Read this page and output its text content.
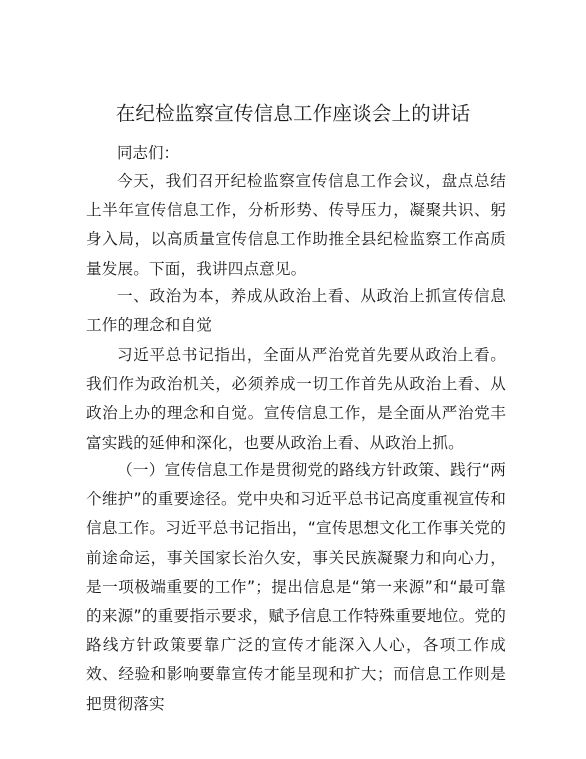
在纪检监察宣传信息工作座谈会上的讲话
同志们：

今天，我们召开纪检监察宣传信息工作会议，盘点总结上半年宣传信息工作，分析形势、传导压力，凝聚共识、躬身入局，以高质量宣传信息工作助推全县纪检监察工作高质量发展。下面，我讲四点意见。

一、政治为本，养成从政治上看、从政治上抓宣传信息工作的理念和自觉

习近平总书记指出，全面从严治党首先要从政治上看。我们作为政治机关，必须养成一切工作首先从政治上看、从政治上办的理念和自觉。宣传信息工作，是全面从严治党丰富实践的延伸和深化，也要从政治上看、从政治上抓。

（一）宣传信息工作是贯彻党的路线方针政策、践行“两个维护”的重要途径。党中央和习近平总书记高度重视宣传和信息工作。习近平总书记指出，“宣传思想文化工作事关党的前途命运，事关国家长治久安，事关民族凝聚力和向心力，是一项极端重要的工作”；提出信息是“第一来源”和“最可靠的来源”的重要指示要求，赋予信息工作特殊重要地位。党的路线方针政策要靠广泛的宣传才能深入人心，各项工作成效、经验和影响要靠宣传才能呈现和扩大；而信息工作则是把贯彻落实
